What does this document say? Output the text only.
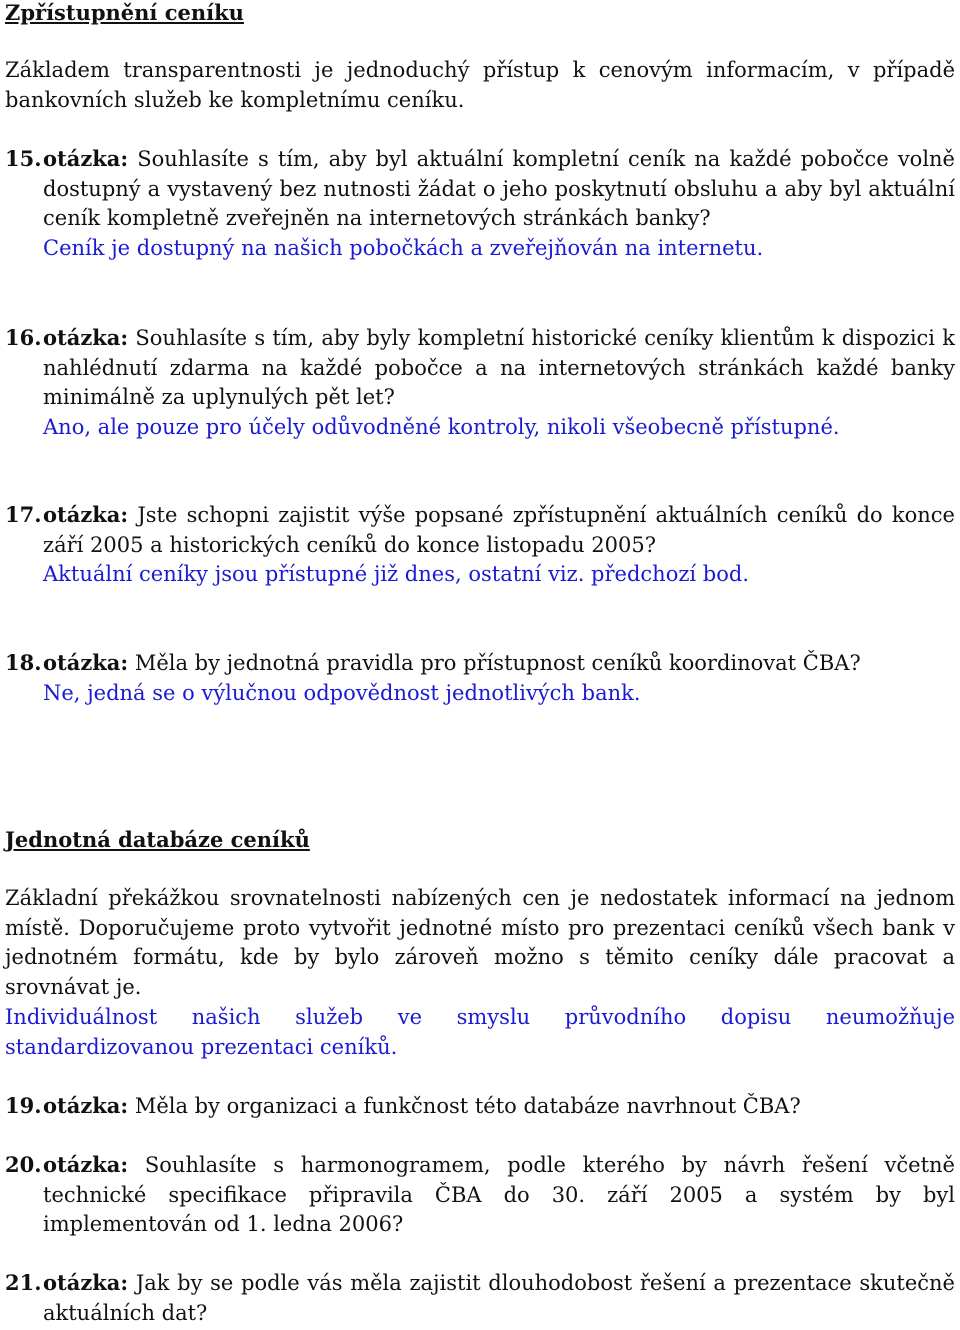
Zpřístupnění ceníku
Základem transparentnosti je jednoduchý přístup k cenovým informacím, v případě bankovních služeb ke kompletnímu ceníku.
15. otázka: Souhlasíte s tím, aby byl aktuální kompletní ceník na každé pobočce volně dostupný a vystavený bez nutnosti žádat o jeho poskytnutí obsluhu a aby byl aktuální ceník kompletně zveřejněn na internetových stránkách banky?
Ceník je dostupný na našich pobočkách a zveřejňován na internetu.
16. otázka: Souhlasíte s tím, aby byly kompletní historické ceníky klientům k dispozici k nahlédnutí zdarma na každé pobočce a na internetových stránkách každé banky minimálně za uplynulých pět let?
Ano, ale pouze pro účely odůvodněné kontroly, nikoli všeobecně přístupné.
17. otázka: Jste schopni zajistit výše popsané zpřístupnění aktuálních ceníků do konce září 2005 a historických ceníků do konce listopadu 2005?
Aktuální ceníky jsou přístupné již dnes, ostatní viz. předchozí bod.
18. otázka: Měla by jednotná pravidla pro přístupnost ceníků koordinovat ČBA?
Ne, jedná se o výlučnou odpovědnost jednotlivých bank.
Jednotná databáze ceníků
Základní překážkou srovnatelnosti nabízených cen je nedostatek informací na jednom místě. Doporučujeme proto vytvořit jednotné místo pro prezentaci ceníků všech bank v jednotném formátu, kde by bylo zároveň možno s těmito ceníky dále pracovat a srovnávat je.
Individuálnost našich služeb ve smyslu průvodního dopisu neumožňuje standardizovanou prezentaci ceníků.
19. otázka: Měla by organizaci a funkčnost této databáze navrhnout ČBA?
20. otázka: Souhlasíte s harmonogramem, podle kterého by návrh řešení včetně technické specifikace připravila ČBA do 30. září 2005 a systém by byl implementován od 1. ledna 2006?
21. otázka: Jak by se podle vás měla zajistit dlouhodobost řešení a prezentace skutečně aktuálních dat?
